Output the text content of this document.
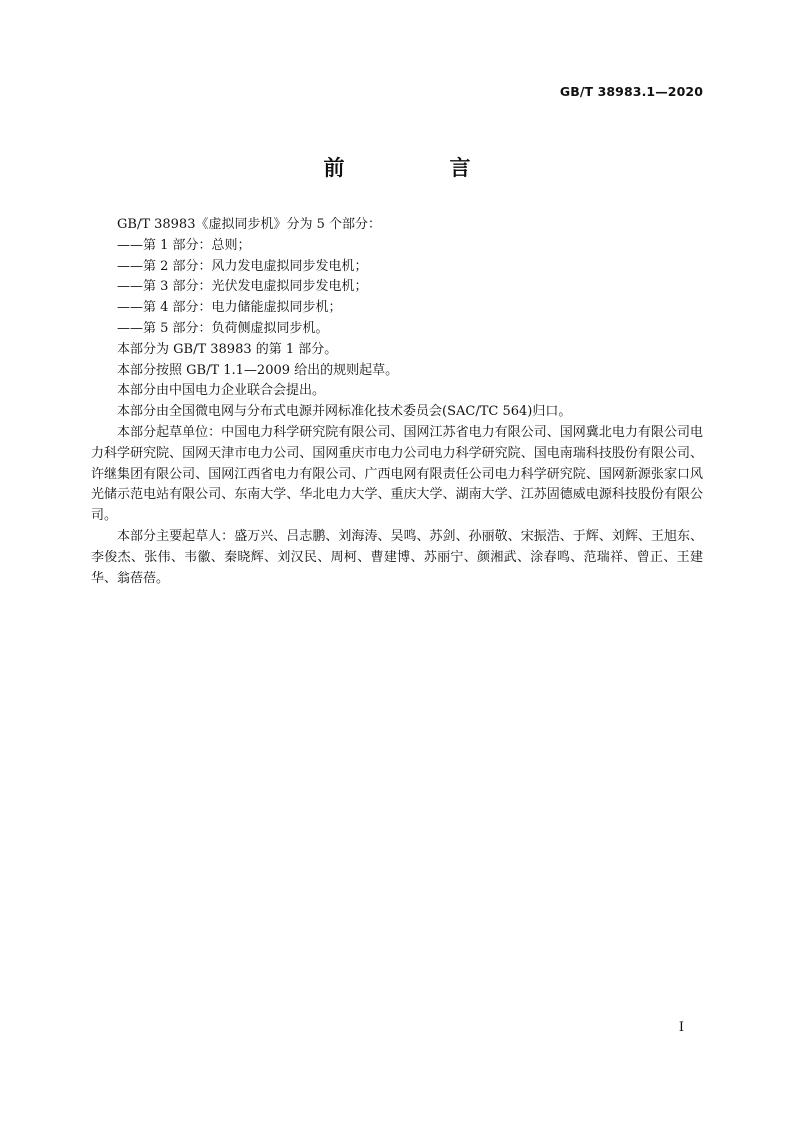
GB/T 38983.1—2020
前　言

GB/T 38983《虚拟同步机》分为 5 个部分：

——第 1 部分：总则；

——第 2 部分：风力发电虚拟同步发电机；

——第 3 部分：光伏发电虚拟同步发电机；

——第 4 部分：电力储能虚拟同步机；

——第 5 部分：负荷侧虚拟同步机。

本部分为 GB/T 38983 的第 1 部分。

本部分按照 GB/T 1.1—2009 给出的规则起草。

本部分由中国电力企业联合会提出。

本部分由全国微电网与分布式电源并网标准化技术委员会(SAC/TC 564)归口。

本部分起草单位：中国电力科学研究院有限公司、国网江苏省电力有限公司、国网冀北电力有限公司电力科学研究院、国网天津市电力公司、国网重庆市电力公司电力科学研究院、国电南瑞科技股份有限公司、许继集团有限公司、国网江西省电力有限公司、广西电网有限责任公司电力科学研究院、国网新源张家口风光储示范电站有限公司、东南大学、华北电力大学、重庆大学、湖南大学、江苏固德威电源科技股份有限公司。

本部分主要起草人：盛万兴、吕志鹏、刘海涛、吴鸣、苏剑、孙丽敬、宋振浩、于辉、刘辉、王旭东、李俊杰、张伟、韦徽、秦晓辉、刘汉民、周柯、曹建博、苏丽宁、颜湘武、涂春鸣、范瑞祥、曾正、王建华、翁蓓蓓。

I
